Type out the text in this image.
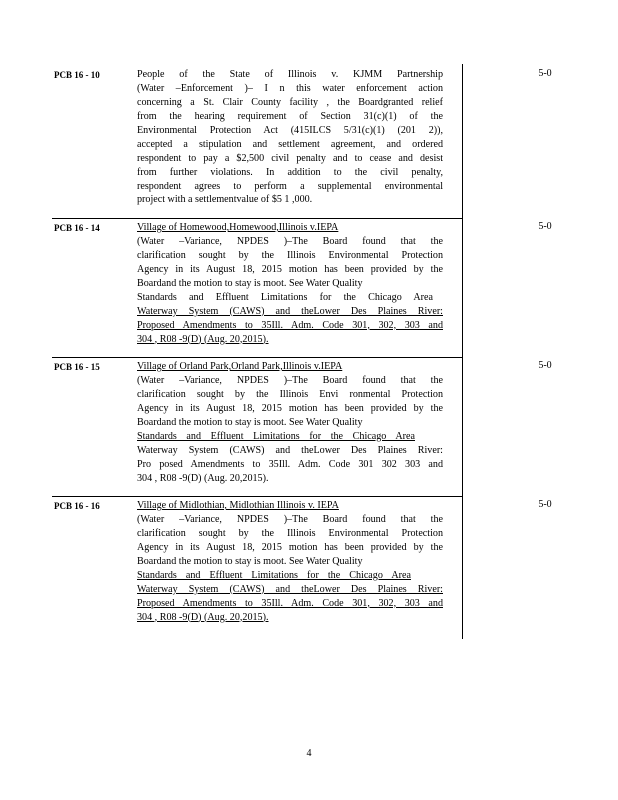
PCB 16 - 10	People of the State of Illinois v. KJMM Partnership
(Water –Enforcement )– I n this water enforcement action
concerning a St. Clair County facility , the Boardgranted relief
from the hearing requirement of Section 31(c)(1) of the
Environmental Protection Act (415ILCS 5/31(c)(1) (201 2)),
accepted a stipulation and settlement agreement, and ordered
respondent to pay a $2,500 civil penalty and to cease and desist
from further violations. In addition to the civil penalty,
respondent agrees to perform a supplemental environmental
project with a settlementvalue of $5 1 ,000.
5-0
PCB 16 - 14	Village of Homewood,Homewood,Illinois v.IEPA
(Water –Variance, NPDES )–The Board found that the
clarification sought by the Illinois Environmental Protection
Agency in its August 18, 2015 motion has been provided by the
Boardand the motion to stay is moot. See Water Quality
Standards and Effluent Limitations for the Chicago Area
Waterway System (CAWS) and theLower Des Plaines River:
Proposed Amendments to 35Ill. Adm. Code 301, 302, 303 and
304 , R08 -9(D) (Aug. 20,2015).
5-0
PCB 16 - 15	Village of Orland Park,Orland Park,Illinois v.IEPA
(Water –Variance, NPDES )–The Board found that the
clarification sought by the Illinois Envi ronmental Protection
Agency in its August 18, 2015 motion has been provided by the
Boardand the motion to stay is moot. See Water Quality
Standards and Effluent Limitations for the Chicago Area
Waterway System (CAWS) and theLower Des Plaines River:
Pro posed Amendments to 35Ill. Adm. Code 301 302 303 and
304 , R08 -9(D) (Aug. 20,2015).
5-0
PCB 16 - 16	Village of Midlothian, Midlothian Illinois v. IEPA
(Water –Variance, NPDES )–The Board found that the
clarification sought by the Illinois Environmental Protection
Agency in its August 18, 2015 motion has been provided by the
Boardand the motion to stay is moot. See Water Quality
Standards and Effluent Limitations for the Chicago Area
Waterway System (CAWS) and theLower Des Plaines River:
Proposed Amendments to 35Ill. Adm. Code 301, 302, 303 and
304 , R08 -9(D) (Aug. 20,2015).
5-0
4
